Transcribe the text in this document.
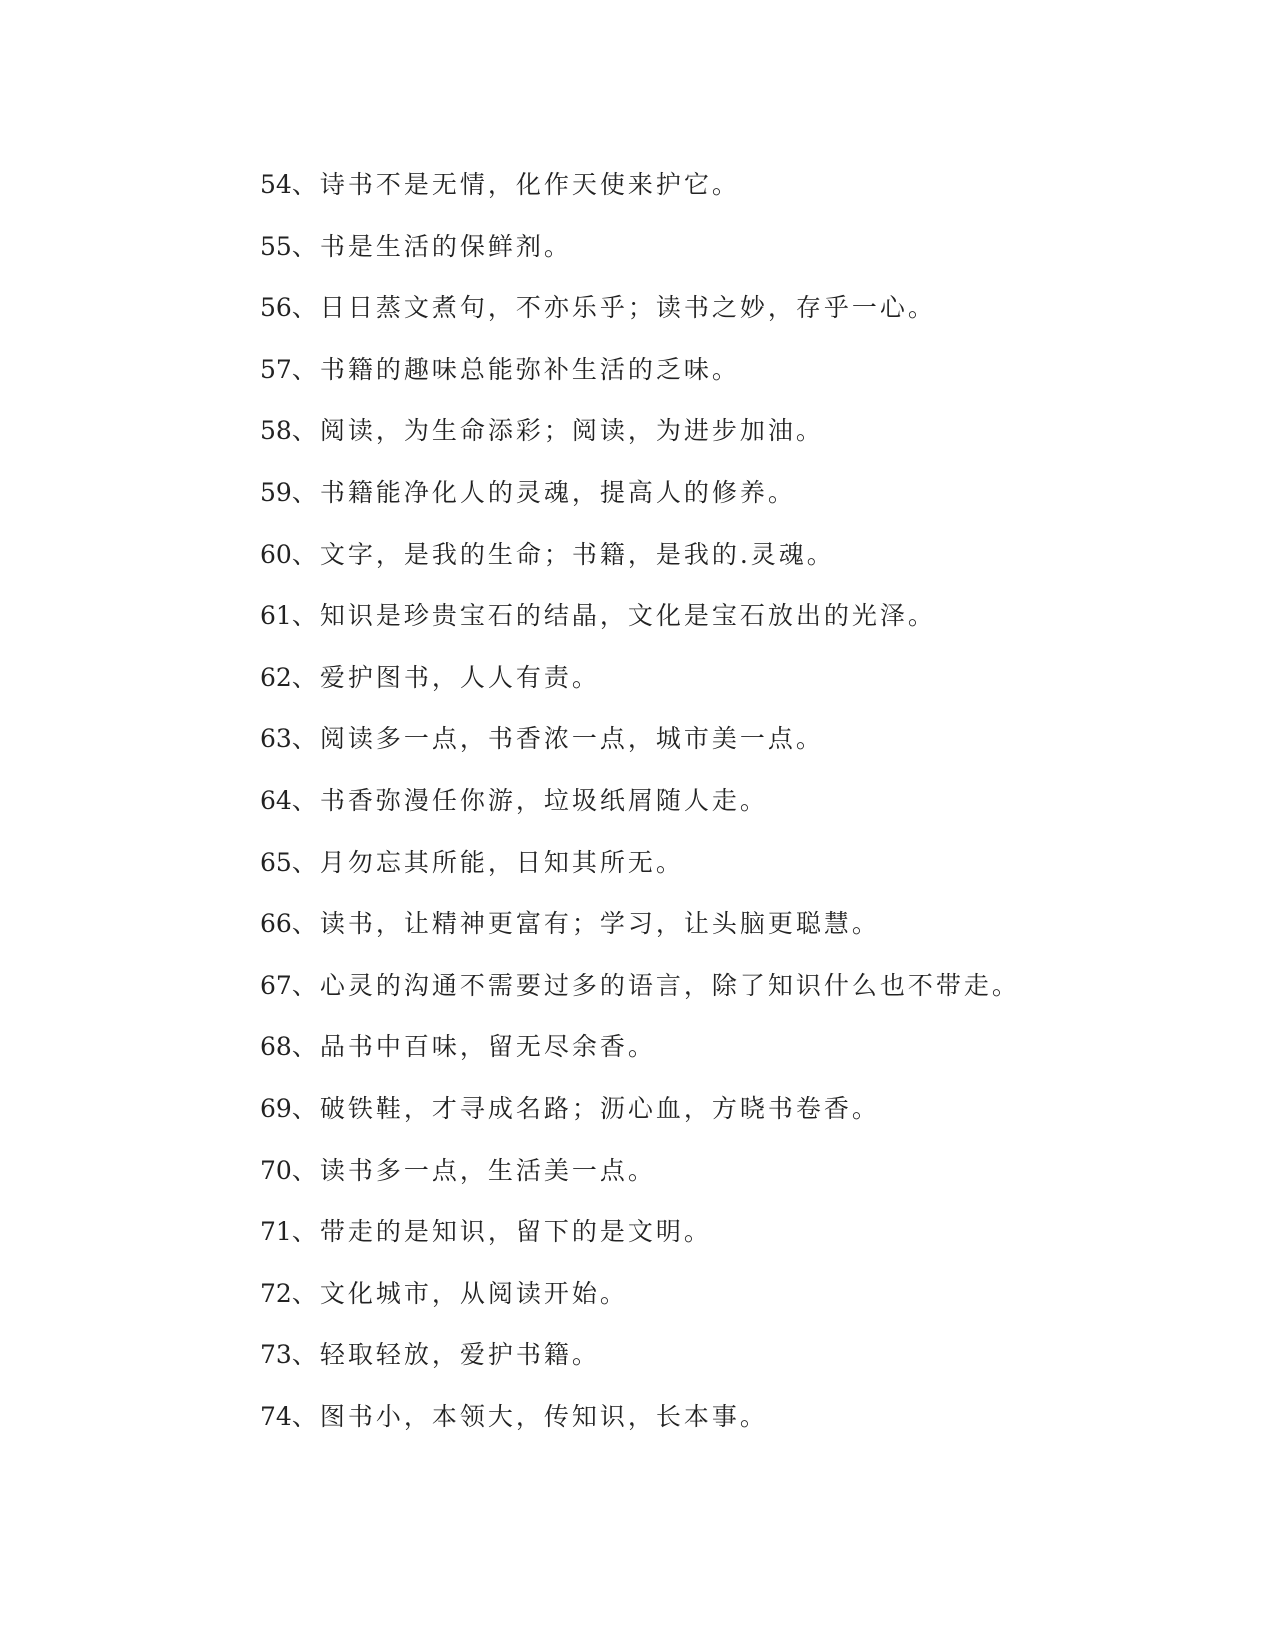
54、诗书不是无情，化作天使来护它。
55、书是生活的保鲜剂。
56、日日蒸文煮句，不亦乐乎；读书之妙，存乎一心。
57、书籍的趣味总能弥补生活的乏味。
58、阅读，为生命添彩；阅读，为进步加油。
59、书籍能净化人的灵魂，提高人的修养。
60、文字，是我的生命；书籍，是我的.灵魂。
61、知识是珍贵宝石的结晶，文化是宝石放出的光泽。
62、爱护图书，人人有责。
63、阅读多一点，书香浓一点，城市美一点。
64、书香弥漫任你游，垃圾纸屑随人走。
65、月勿忘其所能，日知其所无。
66、读书，让精神更富有；学习，让头脑更聪慧。
67、心灵的沟通不需要过多的语言，除了知识什么也不带走。
68、品书中百味，留无尽余香。
69、破铁鞋，才寻成名路；沥心血，方晓书卷香。
70、读书多一点，生活美一点。
71、带走的是知识，留下的是文明。
72、文化城市，从阅读开始。
73、轻取轻放，爱护书籍。
74、图书小，本领大，传知识，长本事。
